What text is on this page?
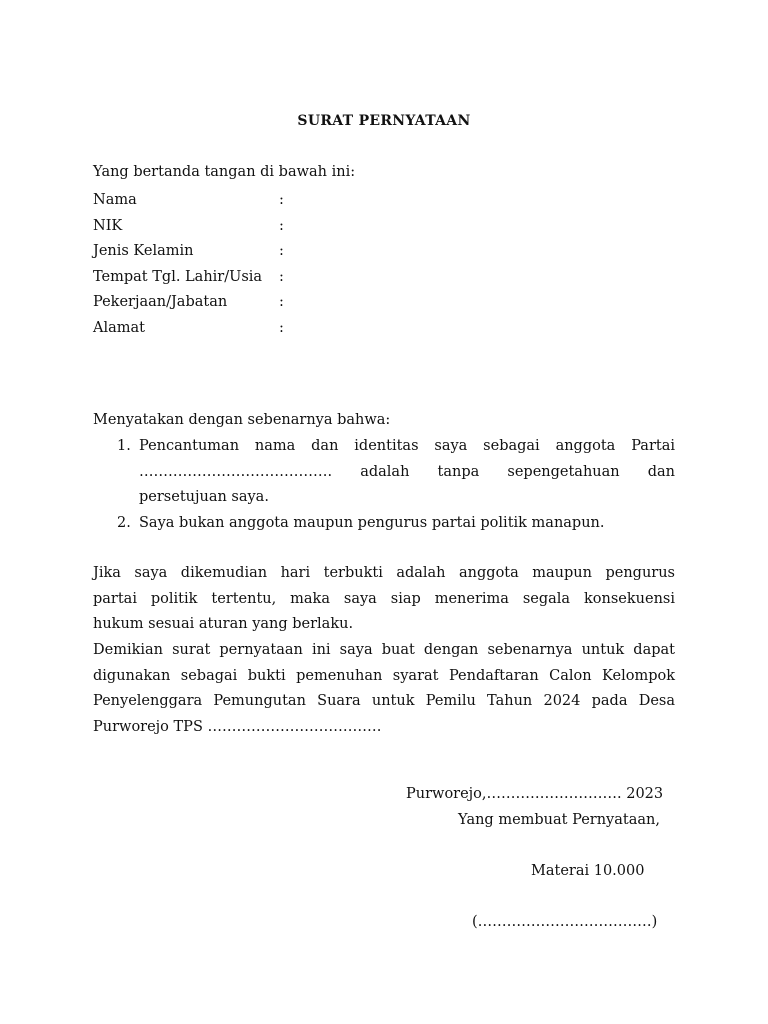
SURAT PERNYATAAN
Yang bertanda tangan di bawah ini:
Nama	:
NIK	:
Jenis Kelamin	:
Tempat Tgl. Lahir/Usia :
Pekerjaan/Jabatan	:
Alamat	:
Menyatakan dengan sebenarnya bahwa:
1. Pencantuman nama dan identitas saya sebagai anggota Partai
…………………………………. adalah tanpa sepengetahuan dan
persetujuan saya.
2. Saya bukan anggota maupun pengurus partai politik manapun.
Jika saya dikemudian hari terbukti adalah anggota maupun pengurus
partai politik tertentu, maka saya siap menerima segala konsekuensi
hukum sesuai aturan yang berlaku.
Demikian surat pernyataan ini saya buat dengan sebenarnya untuk dapat
digunakan sebagai bukti pemenuhan syarat Pendaftaran Calon Kelompok
Penyelenggara Pemungutan Suara untuk Pemilu Tahun 2024 pada Desa
Purworejo TPS ………………………………
Purworejo,………………………. 2023
Yang membuat Pernyataan,
Materai 10.000
(………………………………)
